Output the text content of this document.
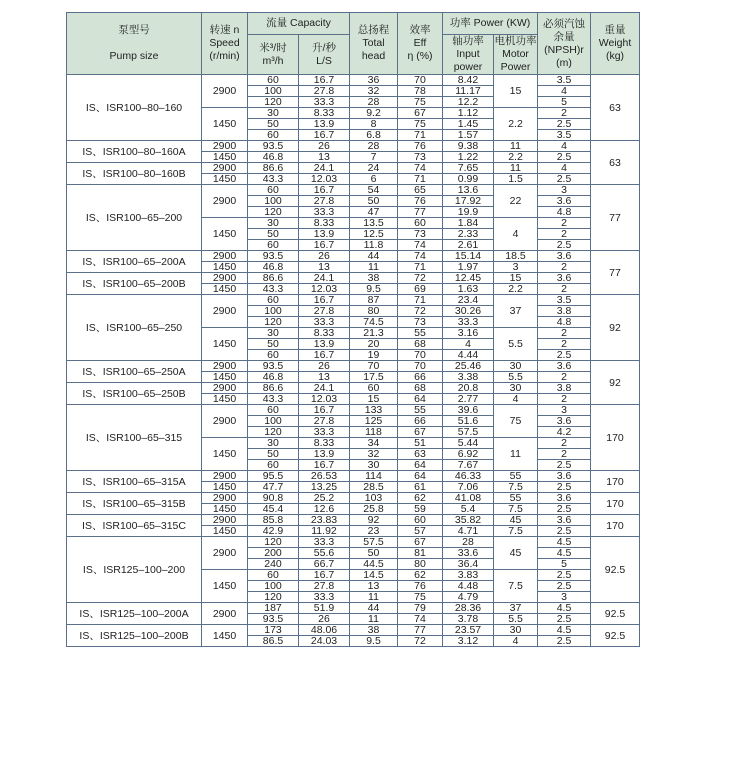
泵型号

Pump size	转速 n
Speed
(r/min)	流量 Capacity		总扬程
Total
head	效率
Eff
η (%)	功率 Power (KW)		必须汽蚀
余量
(NPSH)r
(m)	重量
Weight
(kg)
		米³/时
m³/h	升/秒
L/S			轴功率
Input
power	电机功率
Motor
Power		
IS、ISR100–80–160	2900	60	16.7	36	70	8.42	15	3.5	63
		100	27.8	32	78	11.17		4	
		120	33.3	28	75	12.2		5	
	1450	30	8.33	9.2	67	1.12	2.2	2	
		50	13.9	8	75	1.45		2.5	
		60	16.7	6.8	71	1.57		3.5	
IS、ISR100–80–160A	2900	93.5	26	28	76	9.38	11	4	63
	1450	46.8	13	7	73	1.22	2.2	2.5	
IS、ISR100–80–160B	2900	86.6	24.1	24	74	7.65	11	4	
	1450	43.3	12.03	6	71	0.99	1.5	2.5	
IS、ISR100–65–200	2900	60	16.7	54	65	13.6	22	3	77
		100	27.8	50	76	17.92		3.6	
		120	33.3	47	77	19.9		4.8	
	1450	30	8.33	13.5	60	1.84	4	2	
		50	13.9	12.5	73	2.33		2	
		60	16.7	11.8	74	2.61		2.5	
IS、ISR100–65–200A	2900	93.5	26	44	74	15.14	18.5	3.6	77
	1450	46.8	13	11	71	1.97	3	2	
IS、ISR100–65–200B	2900	86.6	24.1	38	72	12.45	15	3.6	
	1450	43.3	12.03	9.5	69	1.63	2.2	2	
IS、ISR100–65–250	2900	60	16.7	87	71	23.4	37	3.5	92
		100	27.8	80	72	30.26		3.8	
		120	33.3	74.5	73	33.3		4.8	
	1450	30	8.33	21.3	55	3.16	5.5	2	
		50	13.9	20	68	4		2	
		60	16.7	19	70	4.44		2.5	
IS、ISR100–65–250A	2900	93.5	26	70	70	25.46	30	3.6	92
	1450	46.8	13	17.5	66	3.38	5.5	2	
IS、ISR100–65–250B	2900	86.6	24.1	60	68	20.8	30	3.8	
	1450	43.3	12.03	15	64	2.77	4	2	
IS、ISR100–65–315	2900	60	16.7	133	55	39.6	75	3	170
		100	27.8	125	66	51.6		3.6	
		120	33.3	118	67	57.5		4.2	
	1450	30	8.33	34	51	5.44	11	2	
		50	13.9	32	63	6.92		2	
		60	16.7	30	64	7.67		2.5	
IS、ISR100–65–315A	2900	95.5	26.53	114	64	46.33	55	3.6	170
	1450	47.7	13.25	28.5	61	7.06	7.5	2.5	
IS、ISR100–65–315B	2900	90.8	25.2	103	62	41.08	55	3.6	170
	1450	45.4	12.6	25.8	59	5.4	7.5	2.5	
IS、ISR100–65–315C	2900	85.8	23.83	92	60	35.82	45	3.6	170
	1450	42.9	11.92	23	57	4.71	7.5	2.5	
IS、ISR125–100–200	2900	120	33.3	57.5	67	28	45	4.5	92.5
		200	55.6	50	81	33.6		4.5	
		240	66.7	44.5	80	36.4		5	
	1450	60	16.7	14.5	62	3.83	7.5	2.5	
		100	27.8	13	76	4.48		2.5	
		120	33.3	11	75	4.79		3	
IS、ISR125–100–200A	2900	187	51.9	44	79	28.36	37	4.5	92.5
		93.5	26	11	74	3.78	5.5	2.5	
IS、ISR125–100–200B	1450	173	48.06	38	77	23.57	30	4.5	92.5
		86.5	24.03	9.5	72	3.12	4	2.5	
